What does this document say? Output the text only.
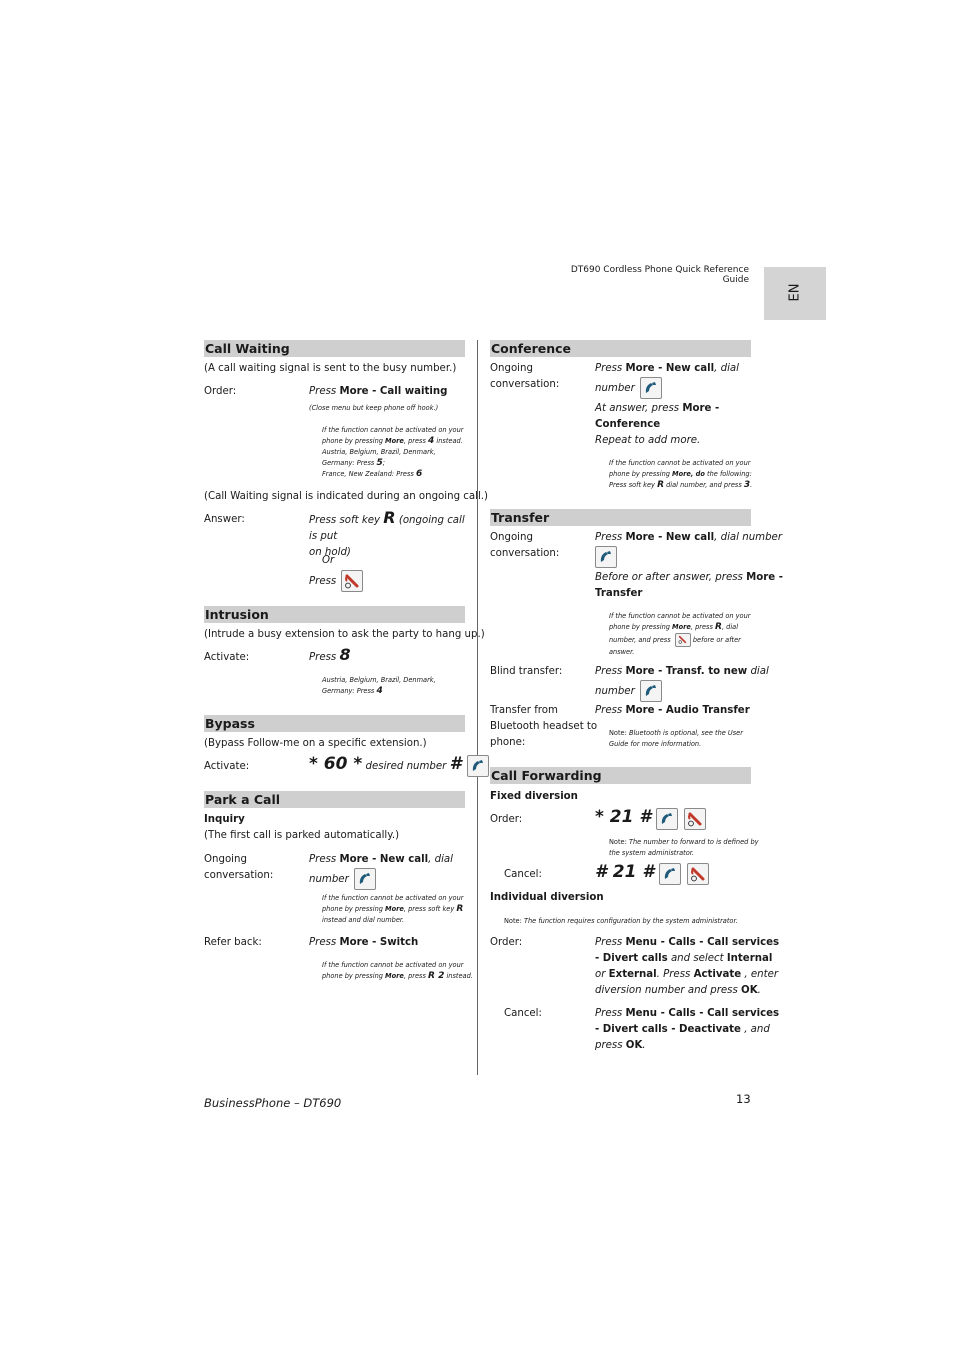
DT690 Cordless Phone Quick Reference Guide
EN
Call Waiting
(A call waiting signal is sent to the busy number.)
Order:	Press More - Call waiting
(Close menu but keep phone off hook.)
If the function cannot be activated on your
phone by pressing More, press 4 instead.
Austria, Belgium, Brazil, Denmark,
Germany: Press 5;
France, New Zealand: Press 6
(Call Waiting signal is indicated during an ongoing call.)
Answer:	Press soft key R (ongoing call is put
on hold)
Or
Press
Intrusion
(Intrude a busy extension to ask the party to hang up.)
Activate:	Press 8
Austria, Belgium, Brazil, Denmark,
Germany: Press 4
Bypass
(Bypass Follow-me on a specific extension.)
Activate:	* 60 * desired number #
Park a Call
Inquiry
(The first call is parked automatically.)
Ongoing
conversation:
Press More - New call, dial
number
If the function cannot be activated on your
phone by pressing More, press soft key R
instead and dial number.
Refer back:	Press More - Switch
If the function cannot be activated on your
phone by pressing More, press R 2 instead.
Conference
Ongoing
conversation:
Press More - New call, dial
number
At answer, press More -
Conference
Repeat to add more.
If the function cannot be activated on your
phone by pressing More, do the following:
Press soft key R dial number, and press 3.
Transfer
Ongoing
conversation:
Press More - New call, dial number
Before or after answer, press More -
Transfer
If the function cannot be activated on your
phone by pressing More, press R, dial
number, and press	before or after
answer.
Blind transfer:	Press More - Transf. to new dial
number
Transfer from
Bluetooth headset to
phone:
Press More - Audio Transfer
Note: Bluetooth is optional, see the User
Guide for more information.
Call Forwarding
Fixed diversion
Order:	* 21 #

Note: The number to forward to is defined by
the system administrator.
Cancel:	# 21 #

Individual diversion
Note: The function requires configuration by the system administrator.
Order:	Press Menu - Calls - Call services
- Divert calls and select Internal
or External. Press Activate , enter
diversion number and press OK.
Cancel:	Press Menu - Calls - Call services
- Divert calls - Deactivate , and
press OK.
BusinessPhone – DT690	13
